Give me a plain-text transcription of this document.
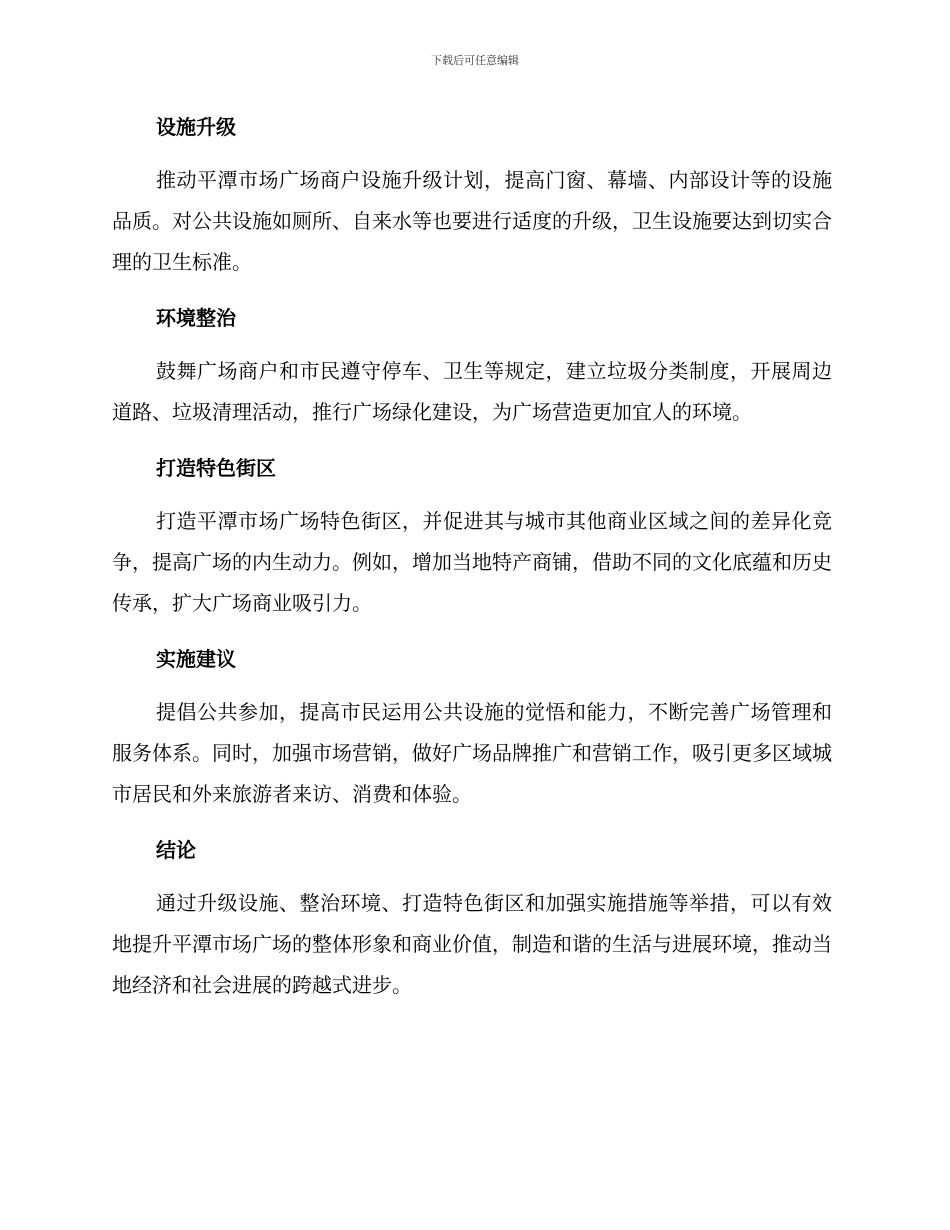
下载后可任意编辑
设施升级

推动平潭市场广场商户设施升级计划，提高门窗、幕墙、内部设计等的设施品质。对公共设施如厕所、自来水等也要进行适度的升级，卫生设施要达到切实合理的卫生标准。

环境整治

鼓舞广场商户和市民遵守停车、卫生等规定，建立垃圾分类制度，开展周边道路、垃圾清理活动，推行广场绿化建设，为广场营造更加宜人的环境。

打造特色街区

打造平潭市场广场特色街区，并促进其与城市其他商业区域之间的差异化竞争，提高广场的内生动力。例如，增加当地特产商铺，借助不同的文化底蕴和历史传承，扩大广场商业吸引力。

实施建议

提倡公共参加，提高市民运用公共设施的觉悟和能力，不断完善广场管理和服务体系。同时，加强市场营销，做好广场品牌推广和营销工作，吸引更多区域城市居民和外来旅游者来访、消费和体验。

结论

通过升级设施、整治环境、打造特色街区和加强实施措施等举措，可以有效地提升平潭市场广场的整体形象和商业价值，制造和谐的生活与进展环境，推动当地经济和社会进展的跨越式进步。
